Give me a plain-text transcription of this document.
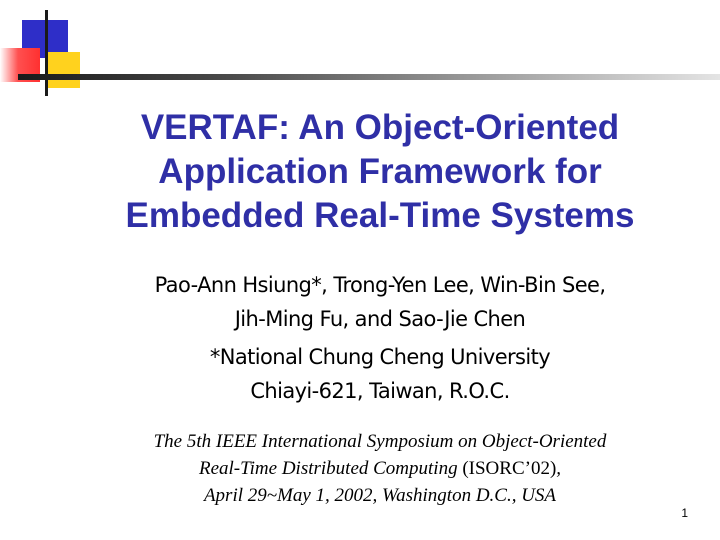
VERTAF: An Object-Oriented
Application Framework for
Embedded Real-Time Systems
Pao-Ann Hsiung*, Trong-Yen Lee, Win-Bin See,
Jih-Ming Fu, and Sao-Jie Chen
*National Chung Cheng University
Chiayi-621, Taiwan, R.O.C.
The 5th IEEE International Symposium on Object-Oriented
Real-Time Distributed Computing (ISORC’02),
April 29~May 1, 2002, Washington D.C., USA
1
